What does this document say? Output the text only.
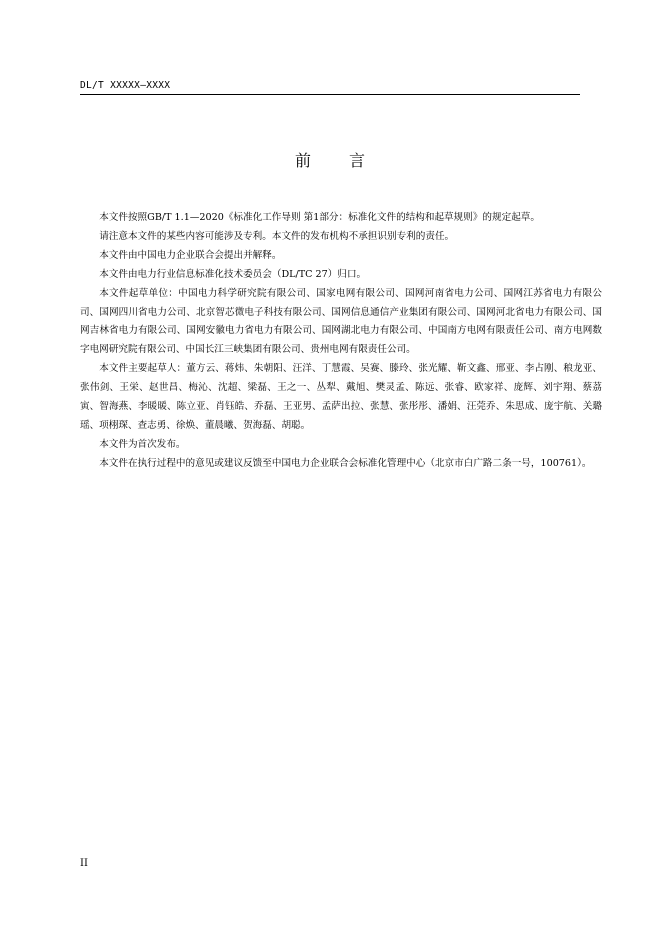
DL/T XXXXX—XXXX
前 言

本文件按照GB/T 1.1—2020《标准化工作导则 第1部分：标准化文件的结构和起草规则》的规定起草。

请注意本文件的某些内容可能涉及专利。本文件的发布机构不承担识别专利的责任。

本文件由中国电力企业联合会提出并解释。

本文件由电力行业信息标准化技术委员会（DL/TC 27）归口。

本文件起草单位：中国电力科学研究院有限公司、国家电网有限公司、国网河南省电力公司、国网江苏省电力有限公司、国网四川省电力公司、北京智芯微电子科技有限公司、国网信息通信产业集团有限公司、国网河北省电力有限公司、国网吉林省电力有限公司、国网安徽电力省电力有限公司、国网湖北电力有限公司、中国南方电网有限责任公司、南方电网数字电网研究院有限公司、中国长江三峡集团有限公司、贵州电网有限责任公司。

本文件主要起草人：董方云、蒋炜、朱朝阳、汪洋、丁慧霞、吴赛、滕玲、张光耀、靳文鑫、邢亚、李占刚、稂龙亚、张伟剑、王栄、赵世昌、梅沁、沈超、梁磊、王之一、丛犁、戴旭、樊灵孟、陈远、张睿、欧家祥、庞辉、刘宇翔、蔡茘寅、智海燕、李暖暖、陈立亚、肖钰皓、乔磊、王亚男、孟萨出拉、张慧、张彤彤、潘娟、汪莞乔、朱思成、庞宇航、关璐瑶、项栩琛、查志勇、徐焕、董晨曦、贺海磊、胡聪。

本文件为首次发布。

本文件在执行过程中的意见或建议反馈至中国电力企业联合会标准化管理中心（北京市白广路二条一号，100761）。

II
